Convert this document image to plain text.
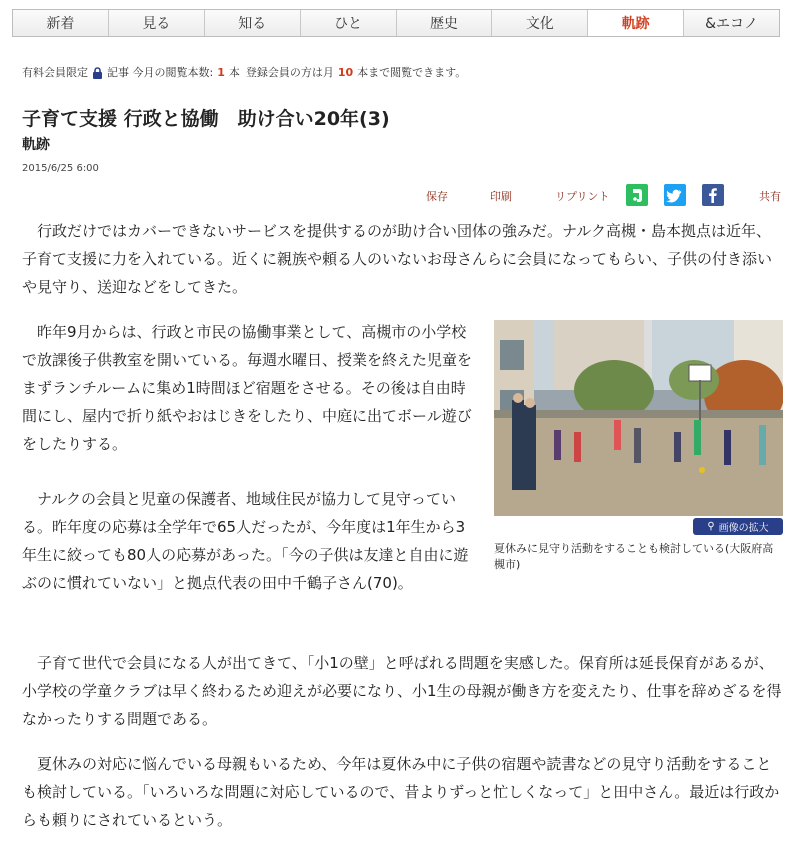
新着	見る	知る	ひと	歴史	文化	軌跡	&エコノ
有料会員限定 記事 今月の閲覧本数: 1 本 登録会員の方は月 10 本まで閲覧できます。
子育て支援 行政と協働　助け合い20年(3)
軌跡
2015/6/25 6:00
保存	印刷	リプリント	共有

　行政だけではカバーできないサービスを提供するのが助け合い団体の強みだ。ナルク高槻・島本拠点は近年、子育て支援に力を入れている。近くに親族や頼る人のいないお母さんらに会員になってもらい、子供の付き添いや見守り、送迎などをしてきた。

　昨年9月からは、行政と市民の協働事業として、高槻市の小学校で放課後子供教室を開いている。毎週水曜日、授業を終えた児童をまずランチルームに集め1時間ほど宿題をさせる。その後は自由時間にし、屋内で折り紙やおはじきをしたり、中庭に出てボール遊びをしたりする。

　ナルクの会員と児童の保護者、地域住民が協力して見守っている。昨年度の応募は全学年で65人だったが、今年度は1年生から3年生に絞っても80人の応募があった。「今の子供は友達と自由に遊ぶのに慣れていない」と拠点代表の田中千鶴子さん(70)。

⚲ 画像の拡大
夏休みに見守り活動をすることも検討している(大阪府高槻市)

　子育て世代で会員になる人が出てきて、「小1の壁」と呼ばれる問題を実感した。保育所は延長保育があるが、小学校の学童クラブは早く終わるため迎えが必要になり、小1生の母親が働き方を変えたり、仕事を辞めざるを得なかったりする問題である。

　夏休みの対応に悩んでいる母親もいるため、今年は夏休み中に子供の宿題や読書などの見守り活動をすることも検討している。「いろいろな問題に対応しているので、昔よりずっと忙しくなって」と田中さん。最近は行政からも頼りにされているという。
